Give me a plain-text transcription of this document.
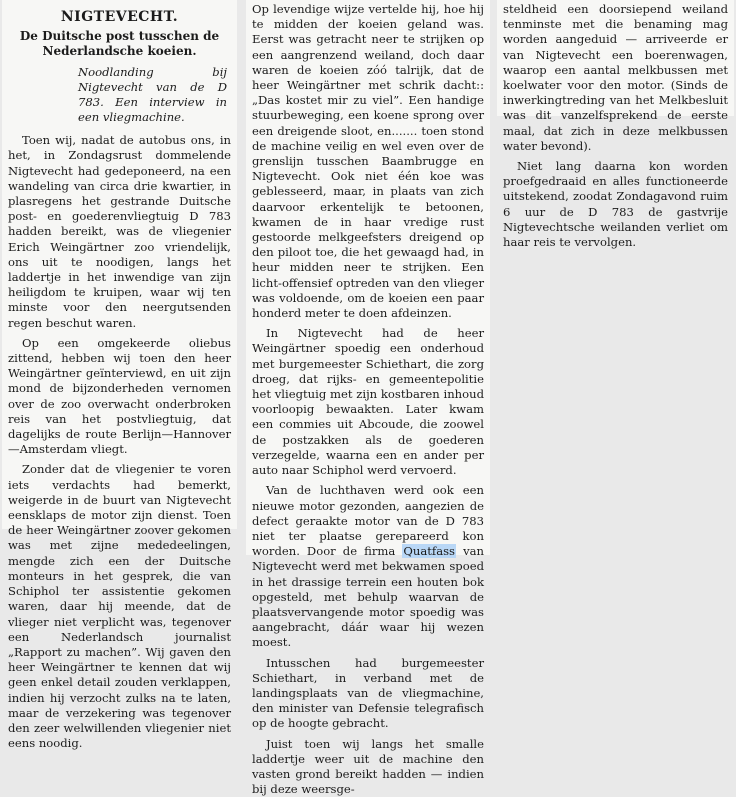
NIGTEVECHT.
De Duitsche post tusschen de Nederlandsche koeien.
Noodlanding bij Nigtevecht van de D 783. Een interview in een vliegmachine.

Toen wij, nadat de autobus ons, in het, in Zondagsrust dommelende Nigtevecht had gedeponeerd, na een wandeling van circa drie kwartier, in plasregens het gestrande Duitsche post- en goederenvliegtuig D 783 hadden bereikt, was de vliegenier Erich Weingärtner zoo vriendelijk, ons uit te noodigen, langs het laddertje in het inwendige van zijn heiligdom te kruipen, waar wij ten minste voor den neergutsenden regen beschut waren.

Op een omgekeerde oliebus zittend, hebben wij toen den heer Weingärtner geïnterviewd, en uit zijn mond de bijzonderheden vernomen over de zoo overwacht onderbroken reis van het postvliegtuig, dat dagelijks de route Berlijn—Hannover—Amsterdam vliegt.

Zonder dat de vliegenier te voren iets verdachts had bemerkt, weigerde in de buurt van Nigtevecht eensklaps de motor zijn dienst. Toen de heer Weingärtner zoover gekomen was met zijne mededeelingen, mengde zich een der Duitsche monteurs in het gesprek, die van Schiphol ter assistentie gekomen waren, daar hij meende, dat de vlieger niet verplicht was, tegenover een Nederlandsch journalist „Rapport zu machen”. Wij gaven den heer Weingärtner te kennen dat wij geen enkel detail zouden verklappen, indien hij verzocht zulks na te laten, maar de verzekering was tegenover den zeer welwillenden vliegenier niet eens noodig.

Op levendige wijze vertelde hij, hoe hij te midden der koeien geland was. Eerst was getracht neer te strijken op een aangrenzend weiland, doch daar waren de koeien zóó talrijk, dat de heer Weingärtner met schrik dacht:: „Das kostet mir zu viel”. Een handige stuurbeweging, een koene sprong over een dreigende sloot, en....... toen stond de machine veilig en wel even over de grenslijn tusschen Baambrugge en Nigtevecht. Ook niet één koe was geblesseerd, maar, in plaats van zich daarvoor erkentelijk te betoonen, kwamen de in haar vredige rust gestoorde melkgeefsters dreigend op den piloot toe, die het gewaagd had, in heur midden neer te strijken. Een licht-offensief optreden van den vlieger was voldoende, om de koeien een paar honderd meter te doen afdeinzen.

In Nigtevecht had de heer Weingärtner spoedig een onderhoud met burgemeester Schiethart, die zorg droeg, dat rijks- en gemeentepolitie het vliegtuig met zijn kostbaren inhoud voorloopig bewaakten. Later kwam een commies uit Abcoude, die zoowel de postzakken als de goederen verzegelde, waarna een en ander per auto naar Schiphol werd vervoerd.

Van de luchthaven werd ook een nieuwe motor gezonden, aangezien de defect geraakte motor van de D 783 niet ter plaatse gerepareerd kon worden. Door de firma Quatfass van Nigtevecht werd met bekwamen spoed in het drassige terrein een houten bok opgesteld, met behulp waarvan de plaatsvervangende motor spoedig was aangebracht, dáár waar hij wezen moest.

Intusschen had burgemeester Schiethart, in verband met de landingsplaats van de vliegmachine, den minister van Defensie telegrafisch op de hoogte gebracht.

Juist toen wij langs het smalle laddertje weer uit de machine den vasten grond bereikt hadden — indien bij deze weersge-

steldheid een doorsiepend weiland tenminste met die benaming mag worden aangeduid — arriveerde er van Nigtevecht een boerenwagen, waarop een aantal melkbussen met koelwater voor den motor. (Sinds de inwerkingtreding van het Melkbesluit was dit vanzelfsprekend de eerste maal, dat zich in deze melkbussen water bevond).

Niet lang daarna kon worden proefgedraaid en alles functioneerde uitstekend, zoodat Zondagavond ruim 6 uur de D 783 de gastvrije Nigtevechtsche weilanden verliet om haar reis te vervolgen.
